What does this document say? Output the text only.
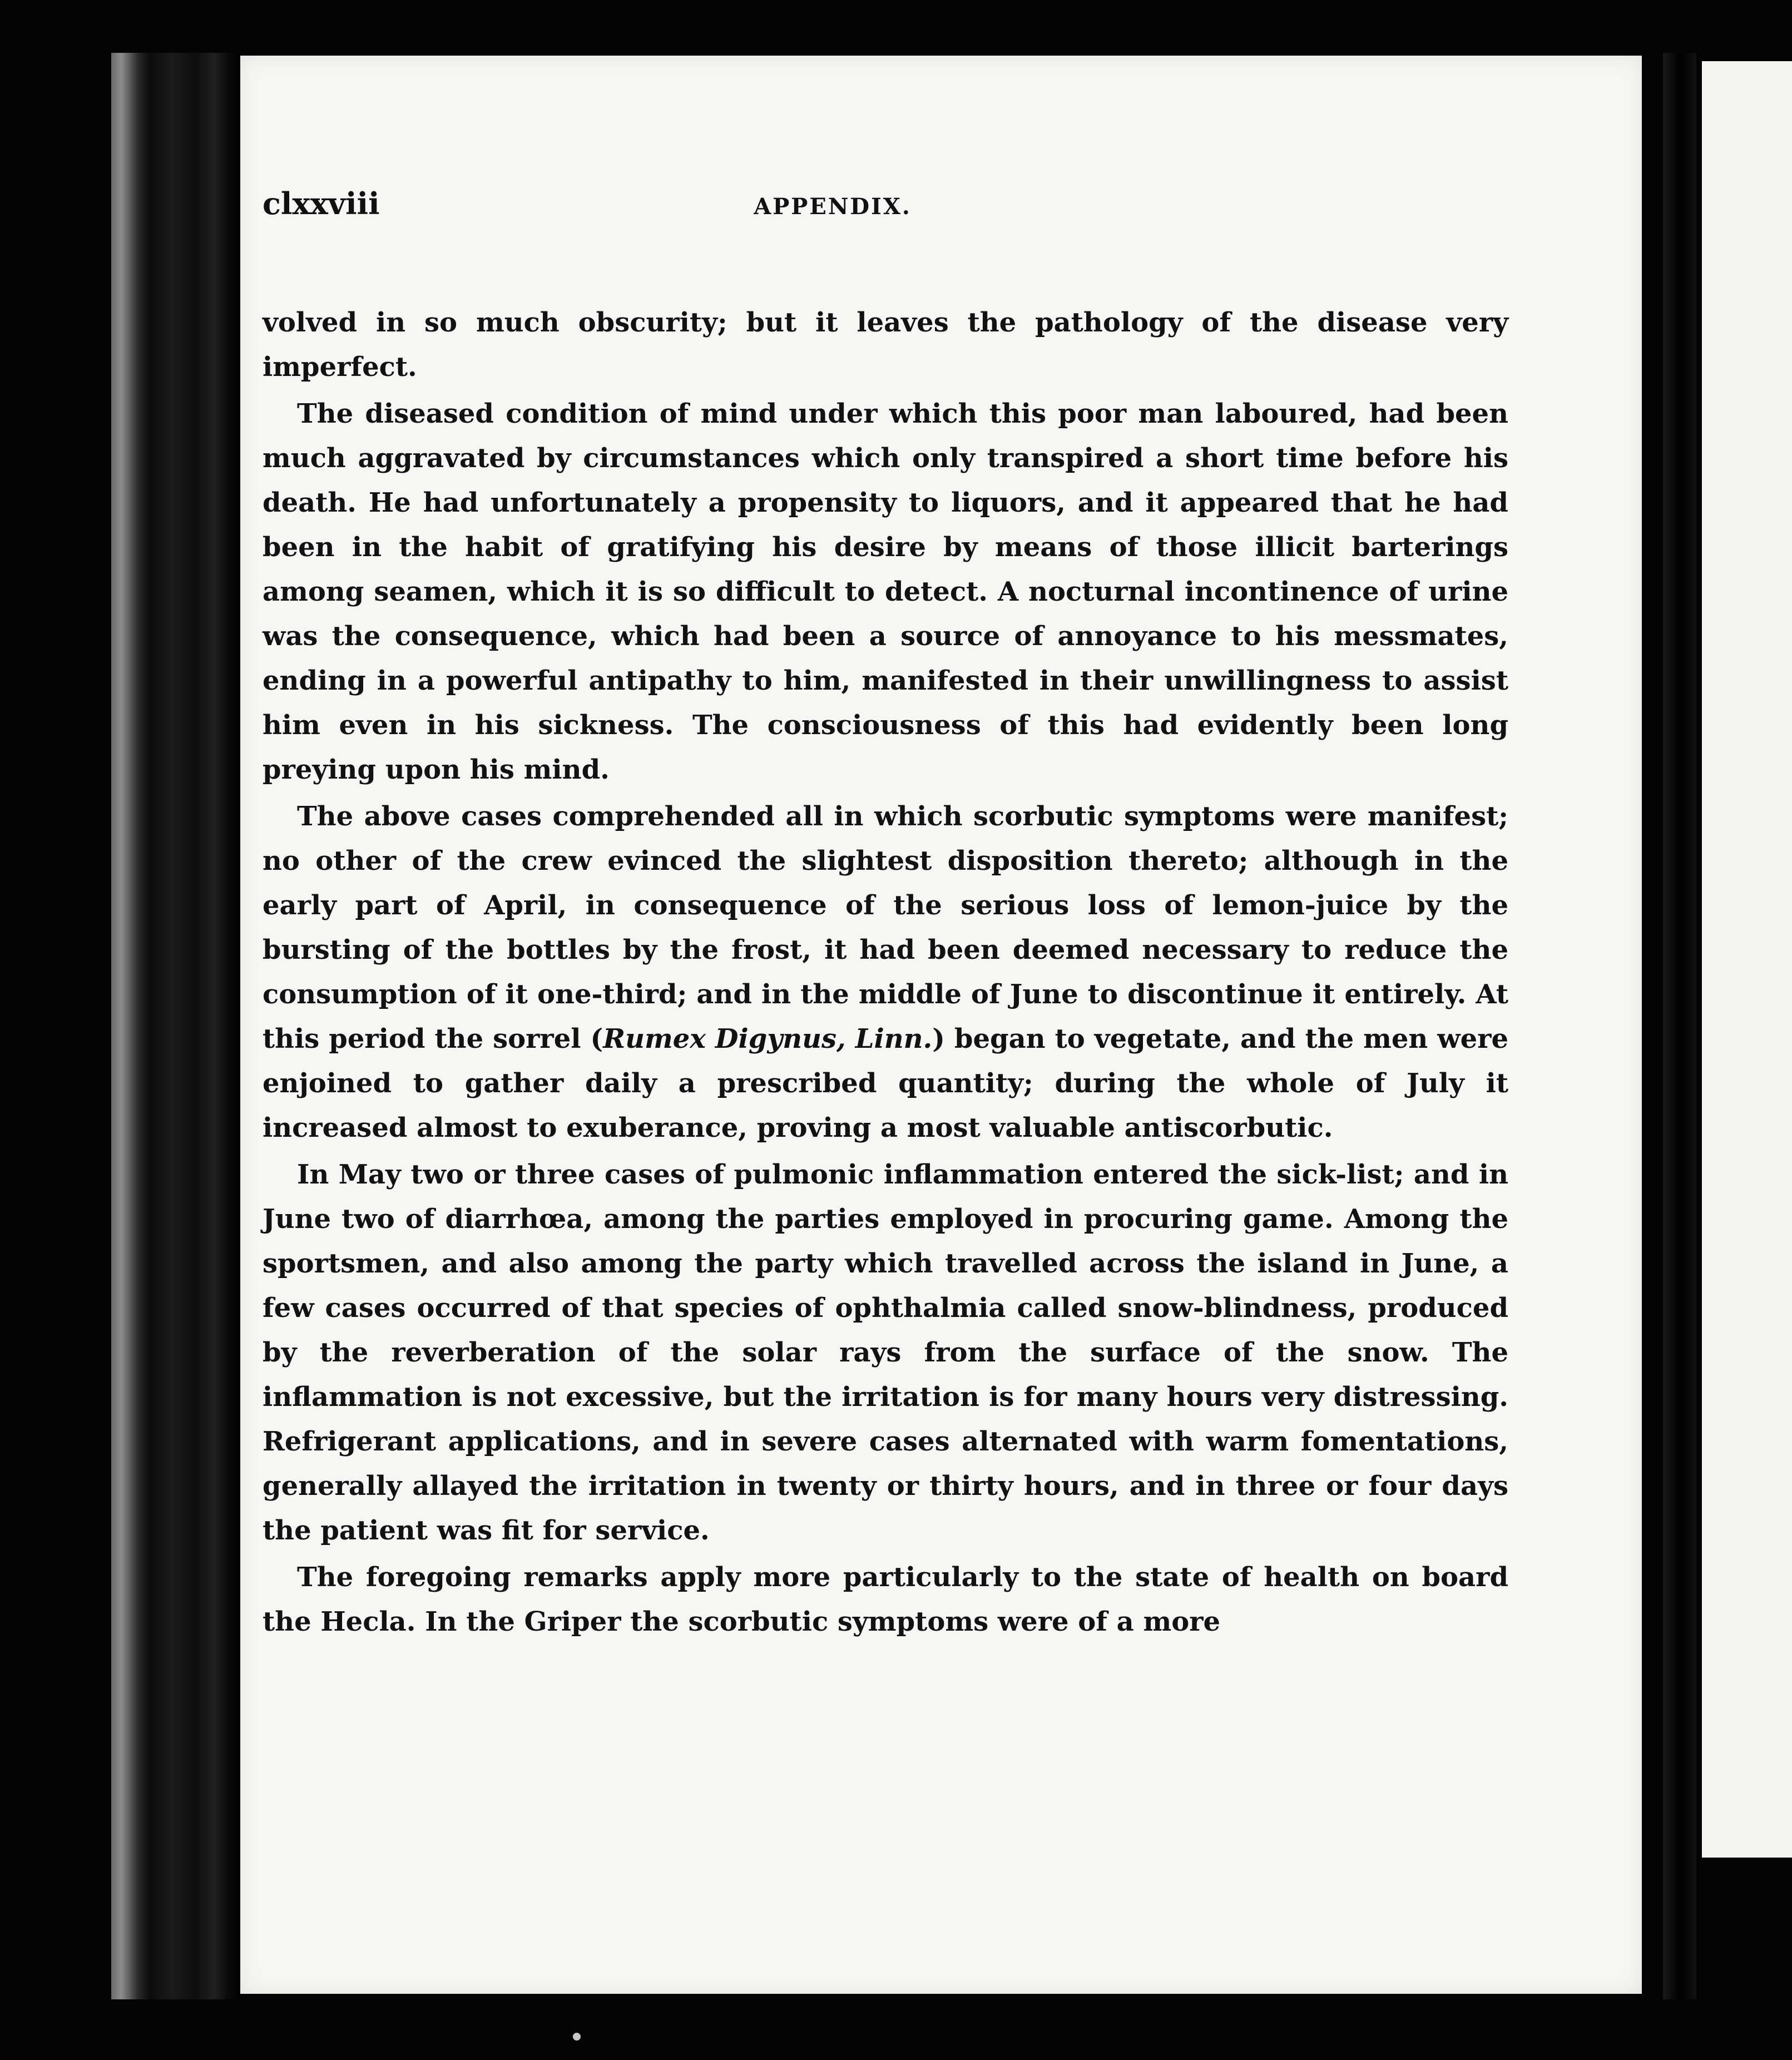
clxxviii	APPENDIX.

volved in so much obscurity; but it leaves the pathology of the disease very imperfect.

The diseased condition of mind under which this poor man laboured, had been much aggravated by circumstances which only transpired a short time before his death. He had unfortunately a propensity to liquors, and it appeared that he had been in the habit of gratifying his desire by means of those illicit barterings among seamen, which it is so difficult to detect. A nocturnal incontinence of urine was the consequence, which had been a source of annoyance to his messmates, ending in a powerful antipathy to him, manifested in their unwillingness to assist him even in his sickness. The consciousness of this had evidently been long preying upon his mind.

The above cases comprehended all in which scorbutic symptoms were manifest; no other of the crew evinced the slightest disposition thereto; although in the early part of April, in consequence of the serious loss of lemon-juice by the bursting of the bottles by the frost, it had been deemed necessary to reduce the consumption of it one-third; and in the middle of June to discontinue it entirely. At this period the sorrel (Rumex Digynus, Linn.) began to vegetate, and the men were enjoined to gather daily a prescribed quantity; during the whole of July it increased almost to exuberance, proving a most valuable antiscorbutic.

In May two or three cases of pulmonic inflammation entered the sick-list; and in June two of diarrhœa, among the parties employed in procuring game. Among the sportsmen, and also among the party which travelled across the island in June, a few cases occurred of that species of ophthalmia called snow-blindness, produced by the reverberation of the solar rays from the surface of the snow. The inflammation is not excessive, but the irritation is for many hours very distressing. Refrigerant applications, and in severe cases alternated with warm fomentations, generally allayed the irritation in twenty or thirty hours, and in three or four days the patient was fit for service.

The foregoing remarks apply more particularly to the state of health on board the Hecla. In the Griper the scorbutic symptoms were of a more
